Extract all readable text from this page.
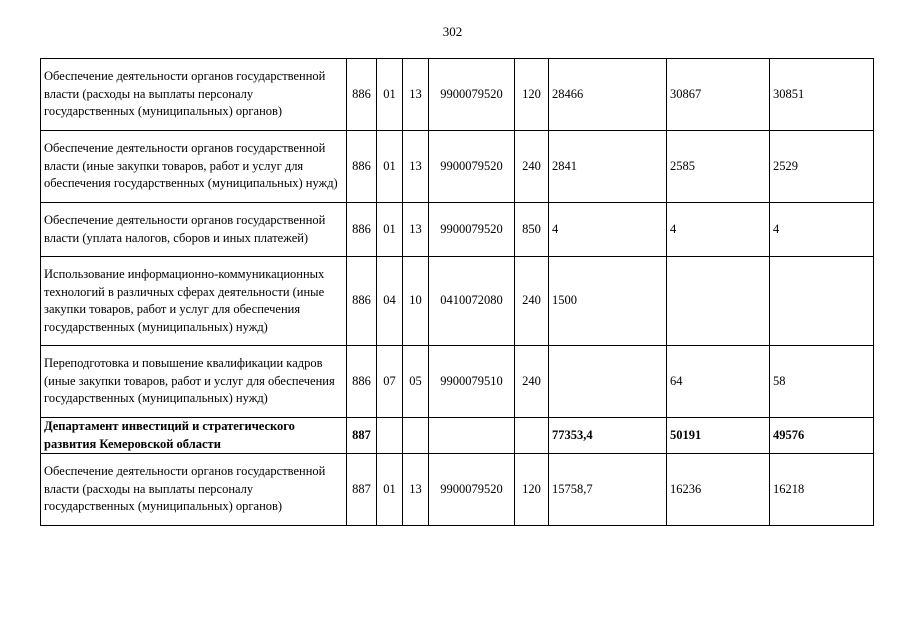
302
Обеспечение деятельности органов государственной власти (расходы на выплаты персоналу государственных (муниципальных) органов)	886	01	13	9900079520	120	28466	30867	30851
Обеспечение деятельности органов государственной власти (иные закупки товаров, работ и услуг для обеспечения государственных (муниципальных) нужд)	886	01	13	9900079520	240	2841	2585	2529
Обеспечение деятельности органов государственной власти (уплата налогов, сборов и иных платежей)	886	01	13	9900079520	850	4	4	4
Использование информационно-коммуникационных технологий в различных сферах деятельности (иные закупки товаров, работ и услуг для обеспечения государственных (муниципальных) нужд)	886	04	10	0410072080	240	1500		
Переподготовка и повышение квалификации кадров (иные закупки товаров, работ и услуг для обеспечения государственных (муниципальных) нужд)	886	07	05	9900079510	240		64	58
Департамент инвестиций и стратегического развития Кемеровской области	887					77353,4	50191	49576
Обеспечение деятельности органов государственной власти (расходы на выплаты персоналу государственных (муниципальных) органов)	887	01	13	9900079520	120	15758,7	16236	16218
